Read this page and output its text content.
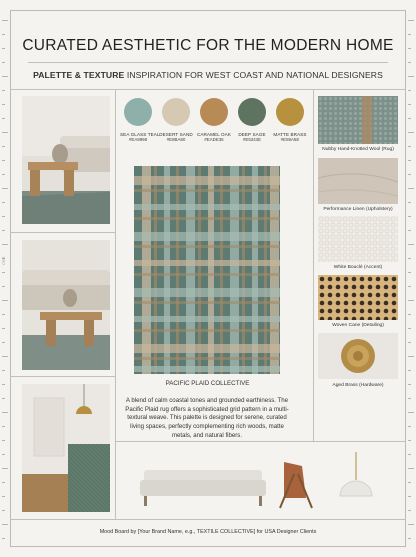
CRE
CURATED AESTHETIC FOR THE MODERN HOME
PALETTE & TEXTURE INSPIRATION FOR WEST COAST AND NATIONAL DESIGNERS
SEA GLASS TEAL
#EA9998
DESERT SAND
#E8BA80
CARAMEL OAK
#EADE35
DEEP SAGE
#E5343E
MATTE BRASS
#E59A5E
PACIFIC PLAID COLLECTIVE
A blend of calm coastal tones and grounded earthiness. The Pacific Plaid rug offers a sophisticated grid pattern in a multi-textural weave. This palette is designed for serene, curated living spaces, perfectly complementing rich woods, matte metals, and natural fibers.
Nubby Hand-Knotted Wool (Rug)
Performance Linen (Upholstery)
White Bouclé (Accent)
Woven Cane (Detailing)
Aged Brass (Hardware)
Mood Board by [Your Brand Name, e.g., TEXTILE COLLECTIVE] for USA Designer Clients
